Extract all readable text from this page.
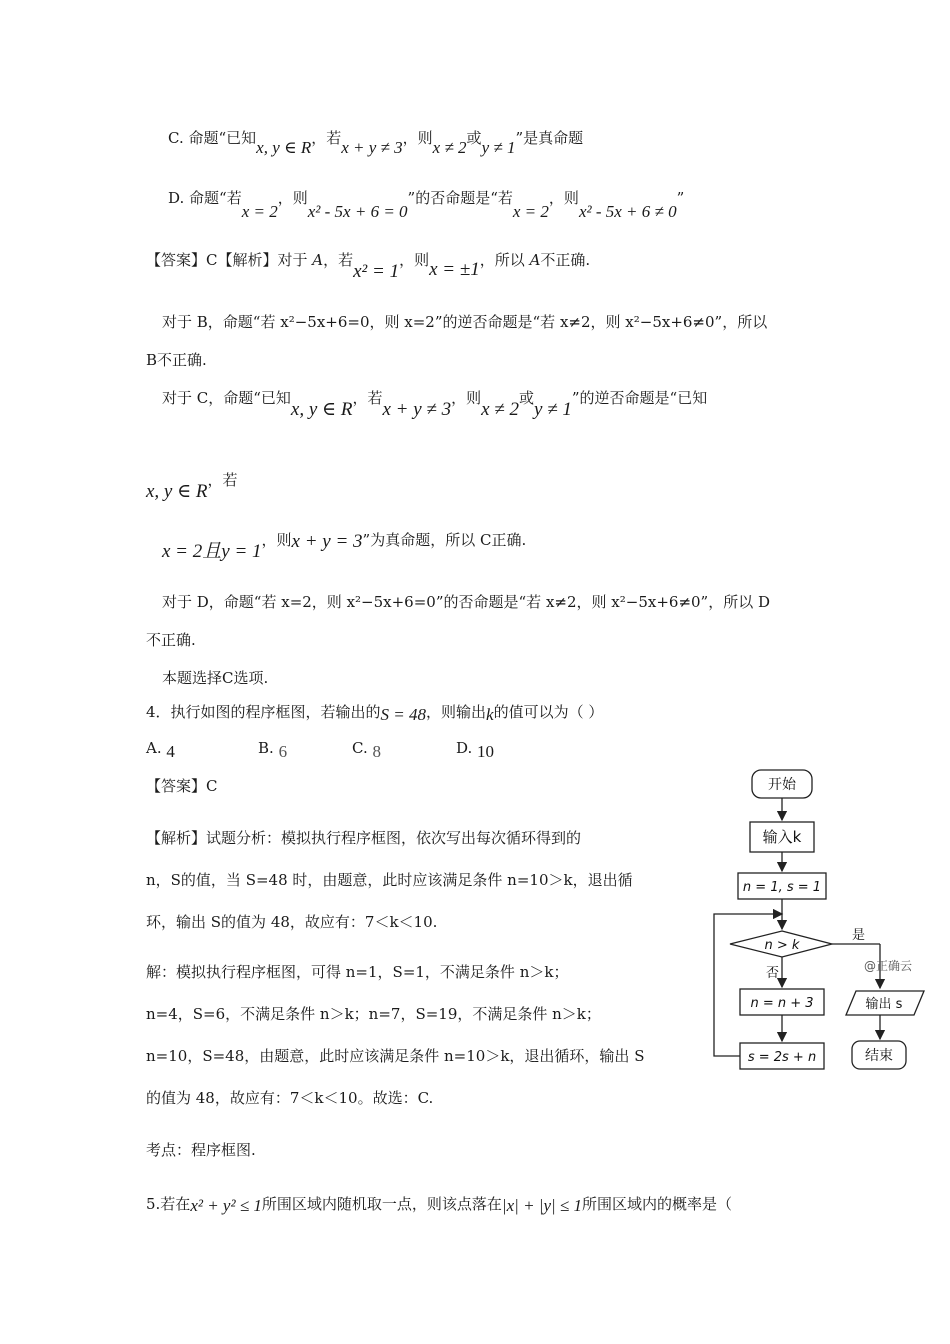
C. 命题“已知x, y ∈ R，若x + y ≠ 3，则x ≠ 2或y ≠ 1”是真命题
D. 命题“若x = 2，则x² - 5x + 6 = 0”的否命题是“若x = 2，则x² - 5x + 6 ≠ 0”
【答案】C【解析】对于 A，若x² = 1，则x = ±1，所以 A不正确.
对于 B，命题“若 x²−5x+6=0，则 x=2”的逆否命题是“若 x≠2，则 x²−5x+6≠0”，所以
B不正确.
对于 C，命题“已知x, y ∈ R，若x + y ≠ 3，则x ≠ 2或y ≠ 1”的逆否命题是“已知
x, y ∈ R，若
x = 2且y = 1，则x + y = 3”为真命题，所以 C正确.
对于 D，命题“若 x=2，则 x²−5x+6=0”的否命题是“若 x≠2，则 x²−5x+6≠0”，所以 D
不正确.
本题选择C选项.
4．执行如图的程序框图，若输出的S = 48，则输出k的值可以为（ ）
A. 4	B. 6	C. 8	D. 10
【答案】C
【解析】试题分析：模拟执行程序框图，依次写出每次循环得到的
n，S的值，当 S=48 时，由题意，此时应该满足条件 n=10＞k，退出循
环，输出 S的值为 48，故应有：7＜k＜10.
解：模拟执行程序框图，可得 n=1，S=1，不满足条件 n＞k；
n=4，S=6，不满足条件 n＞k；n=7，S=19，不满足条件 n＞k；
n=10，S=48，由题意，此时应该满足条件 n=10＞k，退出循环，输出 S
的值为 48，故应有：7＜k＜10。故选：C.
考点：程序框图.
5.若在x² + y² ≤ 1所围区域内随机取一点，则该点落在|x| + |y| ≤ 1所围区域内的概率是（
开始
输入k
n = 1, s = 1
n > k
是
否
n = n + 3
s = 2s + n
输出 s
结束
@正确云
